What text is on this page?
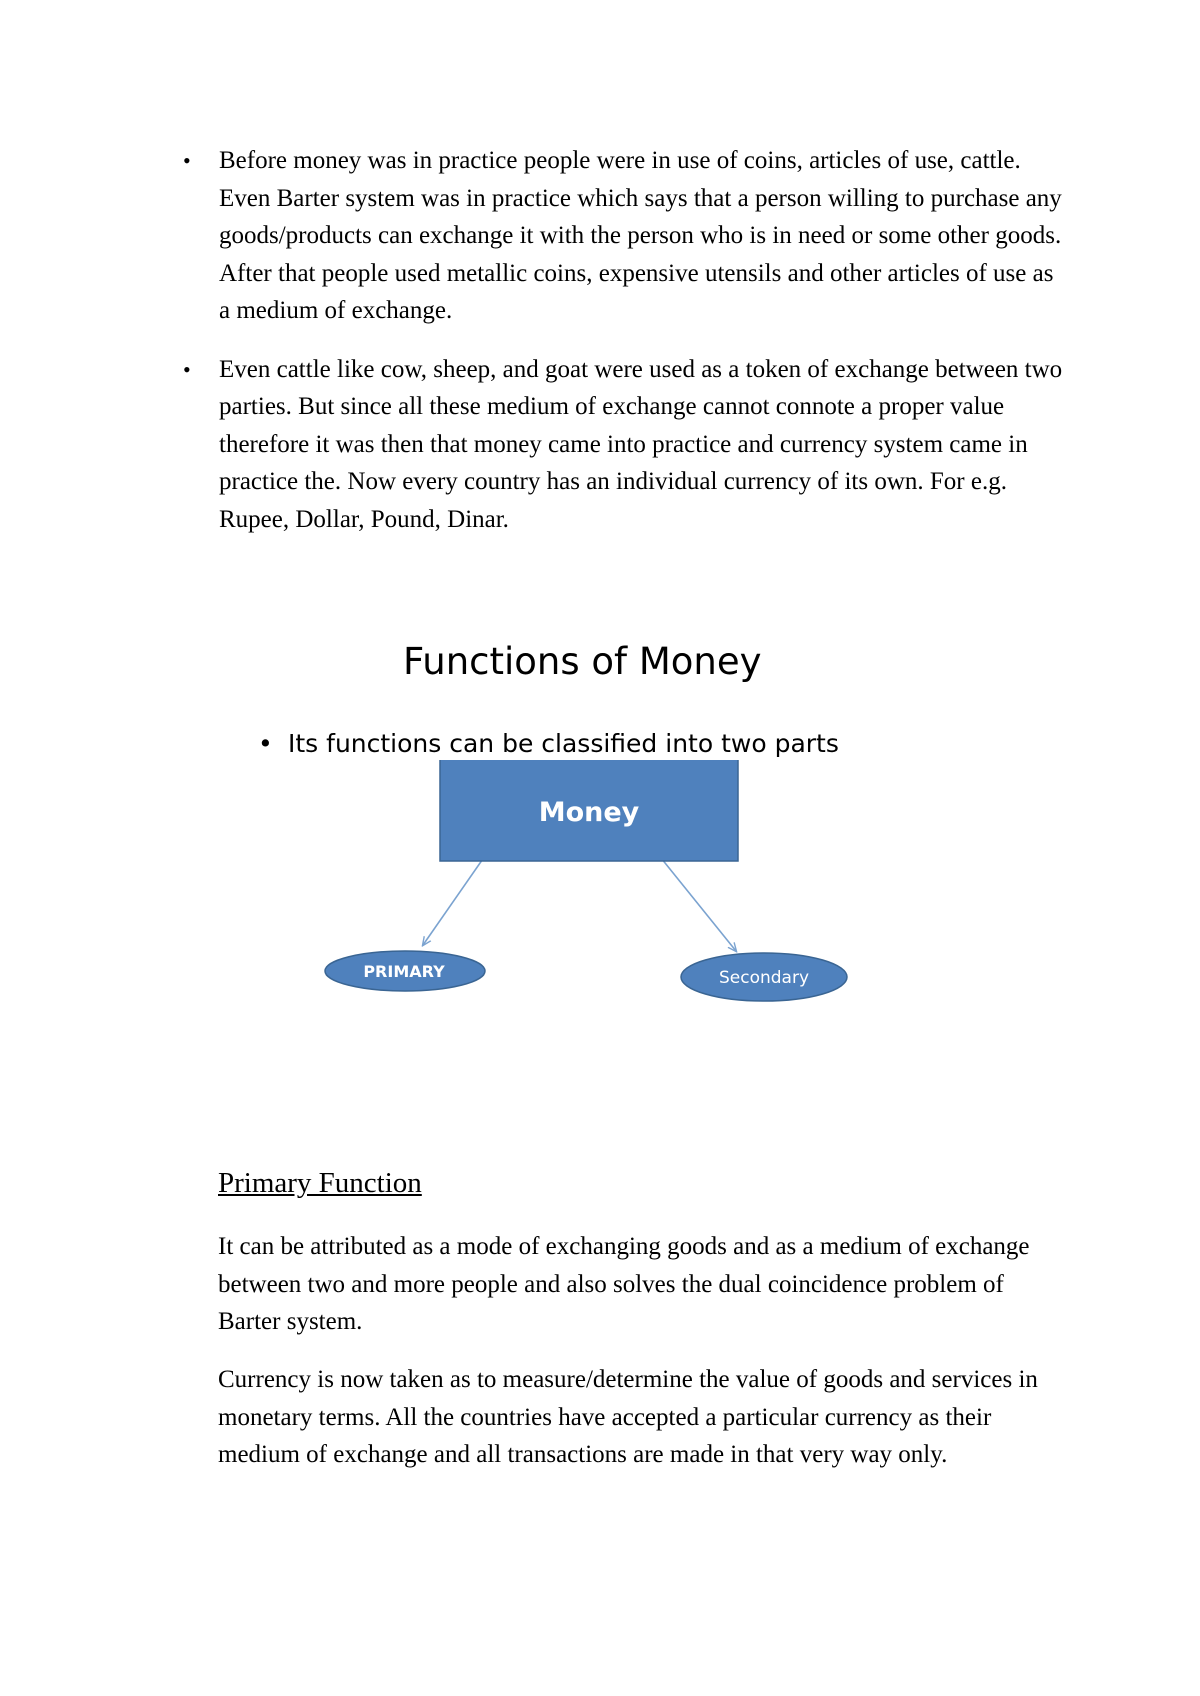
• Before money was in practice people were in use of coins, articles of use, cattle. Even Barter system was in practice which says that a person willing to purchase any goods/products can exchange it with the person who is in need or some other goods. After that people used metallic coins, expensive utensils and other articles of use as a medium of exchange.
• Even cattle like cow, sheep, and goat were used as a token of exchange between two parties. But since all these medium of exchange cannot connote a proper value therefore it was then that money came into practice and currency system came in practice the. Now every country has an individual currency of its own. For e.g. Rupee, Dollar, Pound, Dinar.
Functions of Money
• Its functions can be classified into two parts
Money
PRIMARY	Secondary
Primary Function

It can be attributed as a mode of exchanging goods and as a medium of exchange between two and more people and also solves the dual coincidence problem of Barter system.

Currency is now taken as to measure/determine the value of goods and services in monetary terms. All the countries have accepted a particular currency as their medium of exchange and all transactions are made in that very way only.
